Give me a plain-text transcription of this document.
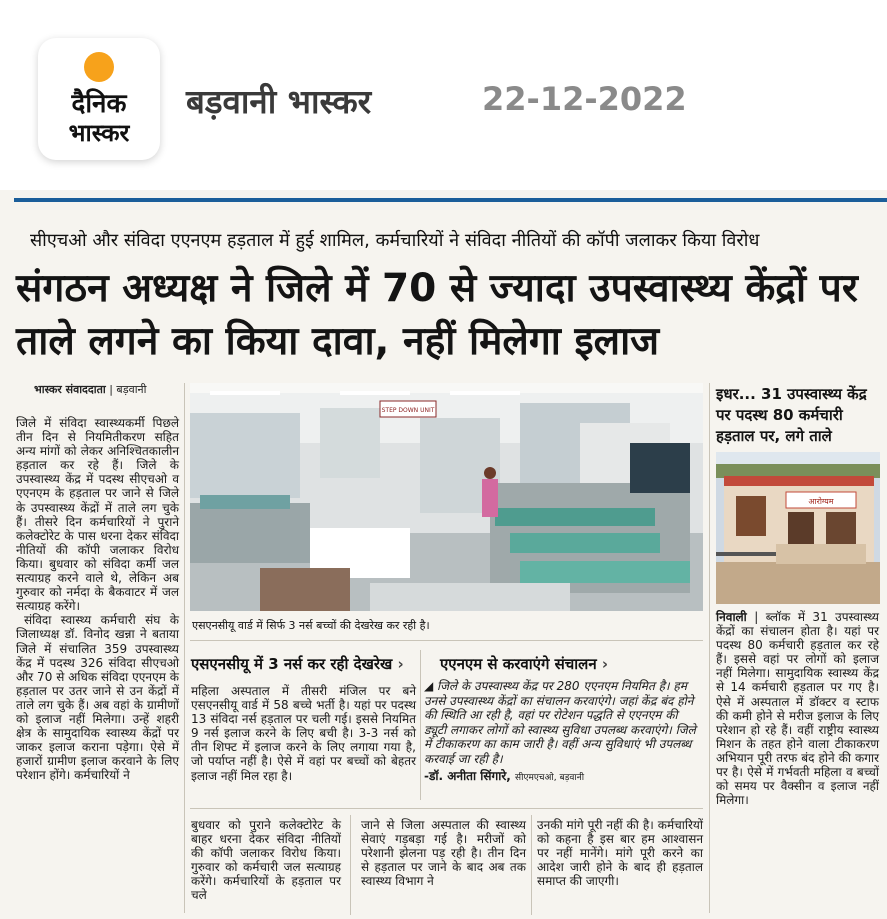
दैनिक
भास्कर
बड़वानी भास्कर	22-12-2022
सीएचओ और संविदा एएनएम हड़ताल में हुई शामिल, कर्मचारियों ने संविदा नीतियों की कॉपी जलाकर किया विरोध
संगठन अध्यक्ष ने जिले में 70 से ज्यादा उपस्वास्थ्य केंद्रों पर ताले लगने का किया दावा, नहीं मिलेगा इलाज
भास्कर संवाददाता | बड़वानी

जिले में संविदा स्वास्थ्यकर्मी पिछले तीन दिन से नियमितीकरण सहित अन्य मांगों को लेकर अनिश्चितकालीन हड़ताल कर रहे हैं। जिले के उपस्वास्थ्य केंद्र में पदस्थ सीएचओ व एएनएम के हड़ताल पर जाने से जिले के उपस्वास्थ्य केंद्रों में ताले लग चुके हैं। तीसरे दिन कर्मचारियों ने पुराने कलेक्टोरेट के पास धरना देकर संविदा नीतियों की कॉपी जलाकर विरोध किया। बुधवार को संविदा कर्मी जल सत्याग्रह करने वाले थे, लेकिन अब गुरुवार को नर्मदा के बैकवाटर में जल सत्याग्रह करेंगे।

संविदा स्वास्थ्य कर्मचारी संघ के जिलाध्यक्ष डॉ. विनोद खन्ना ने बताया जिले में संचालित 359 उपस्वास्थ्य केंद्र में पदस्थ 326 संविदा सीएचओ और 70 से अधिक संविदा एएनएम के हड़ताल पर उतर जाने से उन केंद्रों में ताले लग चुके हैं। अब वहां के ग्रामीणों को इलाज नहीं मिलेगा। उन्हें शहरी क्षेत्र के सामुदायिक स्वास्थ्य केंद्रों पर जाकर इलाज कराना पड़ेगा। ऐसे में हजारों ग्रामीण इलाज करवाने के लिए परेशान होंगे। कर्मचारियों ने

STEP DOWN UNIT
एसएनसीयू वार्ड में सिर्फ 3 नर्स बच्चों की देखरेख कर रही है।
एसएनसीयू में 3 नर्स कर रही देखरेख › एएनएम से करवाएंगे संचालन ›
महिला अस्पताल में तीसरी मंजिल पर बने एसएनसीयू वार्ड में 58 बच्चे भर्ती है। यहां पर पदस्थ 13 संविदा नर्स हड़ताल पर चली गई। इससे नियमित 9 नर्स इलाज करने के लिए बची है। 3-3 नर्स को तीन शिफ्ट में इलाज करने के लिए लगाया गया है, जो पर्याप्त नहीं है। ऐसे में वहां पर बच्चों को बेहतर इलाज नहीं मिल रहा है।
◢ जिले के उपस्वास्थ्य केंद्र पर 280 एएनएम नियमित है। हम उनसे उपस्वास्थ्य केंद्रों का संचालन करवाएंगे। जहां केंद्र बंद होने की स्थिति आ रही है, वहां पर रोटेशन पद्धति से एएनएम की ड्यूटी लगाकर लोगों को स्वास्थ्य सुविधा उपलब्ध करवाएंगे। जिले में टीकाकरण का काम जारी है। वहीं अन्य सुविधाएं भी उपलब्ध करवाई जा रही है।
-डॉ. अनीता सिंगारे, सीएमएचओ, बड़वानी
बुधवार को पुराने कलेक्टोरेट के बाहर धरना देकर संविदा नीतियों की कॉपी जलाकर विरोध किया। गुरुवार को कर्मचारी जल सत्याग्रह करेंगे। कर्मचारियों के हड़ताल पर चले
जाने से जिला अस्पताल की स्वास्थ्य सेवाएं गड़बड़ा गई है। मरीजों को परेशानी झेलना पड़ रही है। तीन दिन से हड़ताल पर जाने के बाद अब तक स्वास्थ्य विभाग ने
उनकी मांगे पूरी नहीं की है। कर्मचारियों को कहना है इस बार हम आश्वासन पर नहीं मानेंगे। मांगे पूरी करने का आदेश जारी होने के बाद ही हड़ताल समाप्त की जाएगी।
इधर... 31 उपस्वास्थ्य केंद्र पर पदस्थ 80 कर्मचारी हड़ताल पर, लगे ताले
आरोग्यम
निवाली | ब्लॉक में 31 उपस्वास्थ्य केंद्रों का संचालन होता है। यहां पर पदस्थ 80 कर्मचारी हड़ताल कर रहे हैं। इससे वहां पर लोगों को इलाज नहीं मिलेगा। सामुदायिक स्वास्थ्य केंद्र से 14 कर्मचारी हड़ताल पर गए है। ऐसे में अस्पताल में डॉक्टर व स्टाफ की कमी होने से मरीज इलाज के लिए परेशान हो रहे हैं। वहीं राष्ट्रीय स्वास्थ्य मिशन के तहत होने वाला टीकाकरण अभियान पूरी तरफ बंद होने की कगार पर है। ऐसे में गर्भवती महिला व बच्चों को समय पर वैक्सीन व इलाज नहीं मिलेगा।
